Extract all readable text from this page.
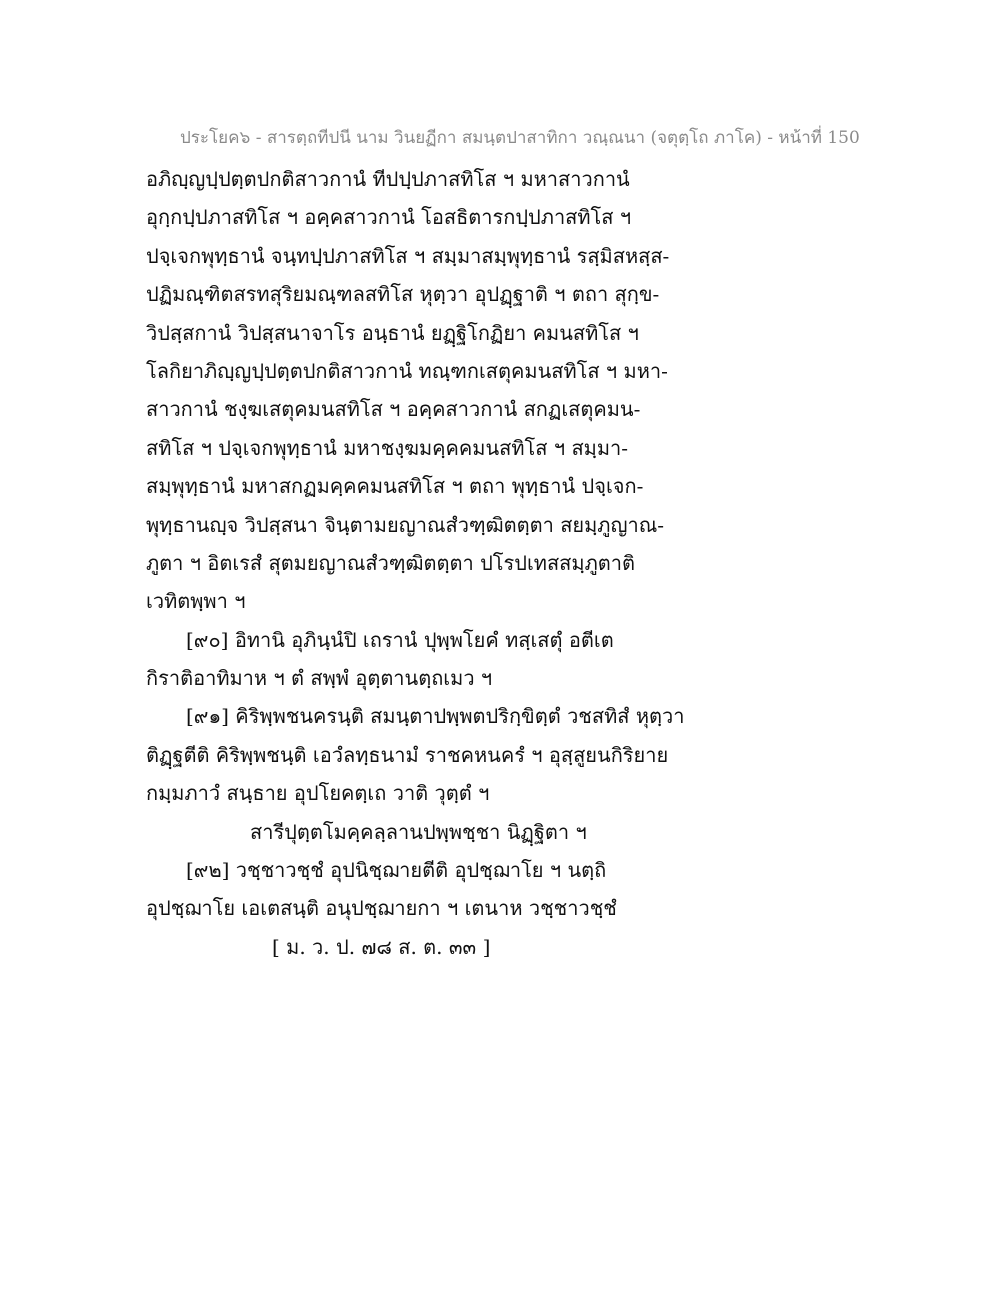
ประโยค๖ - สารตฺถทีปนี นาม วินยฏีกา สมนฺตปาสาทิกา วณฺณนา (จตุตฺโถ ภาโค) - หน้าที่ 150
อภิญฺญปฺปตฺตปกติสาวกานํ ทีปปฺปภาสทิโส ฯ มหาสาวกานํ
อุกฺกปฺปภาสทิโส ฯ อคฺคสาวกานํ โอสธิตารกปฺปภาสทิโส ฯ
ปจฺเจกพุทฺธานํ จนฺทปฺปภาสทิโส ฯ สมฺมาสมฺพุทฺธานํ รสฺมิสหสฺส-
ปฏิมณฺฑิตสรทสุริยมณฺฑลสทิโส หุตฺวา อุปฏฺฐาติ ฯ ตถา สุกฺข-
วิปสฺสกานํ วิปสฺสนาจาโร อนฺธานํ ยฏฺฐิโกฏิยา คมนสทิโส ฯ
โลกิยาภิญฺญปฺปตฺตปกติสาวกานํ ทณฺฑกเสตุคมนสทิโส ฯ มหา-
สาวกานํ ชงฺฆเสตุคมนสทิโส ฯ อคฺคสาวกานํ สกฏเสตุคมน-
สทิโส ฯ ปจฺเจกพุทฺธานํ มหาชงฺฆมคฺคคมนสทิโส ฯ สมฺมา-
สมฺพุทฺธานํ มหาสกฏมคฺคคมนสทิโส ฯ ตถา พุทฺธานํ ปจฺเจก-
พุทฺธานญฺจ วิปสฺสนา จินฺตามยญาณสํวฑฺฒิตตฺตา สยมฺภูญาณ-
ภูตา ฯ อิตเรสํ สุตมยญาณสํวฑฺฒิตตฺตา ปโรปเทสสมฺภูตาติ
เวทิตพฺพา ฯ
[๙๐] อิทานิ อุภินฺนํปิ เถรานํ ปุพฺพโยคํ ทสฺเสตุํ อตีเต
กิราติอาทิมาห ฯ ตํ สพฺพํ อุตฺตานตฺถเมว ฯ
[๙๑] คิริพฺพชนครนฺติ สมนฺตาปพฺพตปริกฺขิตฺตํ วชสทิสํ หุตฺวา
ติฏฺฐตีติ คิริพฺพชนฺติ เอวํลทฺธนามํ ราชคหนครํ ฯ อุสฺสูยนกิริยาย
กมฺมภาวํ สนฺธาย อุปโยคตฺเถ วาติ วุตฺตํ ฯ
สารีปุตฺตโมคฺคลฺลานปพฺพชฺชา นิฏฺฐิตา ฯ
[๙๒] วชฺชาวชฺชํ อุปนิชฺฌายตีติ อุปชฺฌาโย ฯ นตฺถิ
อุปชฺฌาโย เอเตสนฺติ อนุปชฺฌายกา ฯ เตนาห วชฺชาวชฺชํ
[ ม. ว. ป. ๗๘ ส. ต. ๓๓ ]
